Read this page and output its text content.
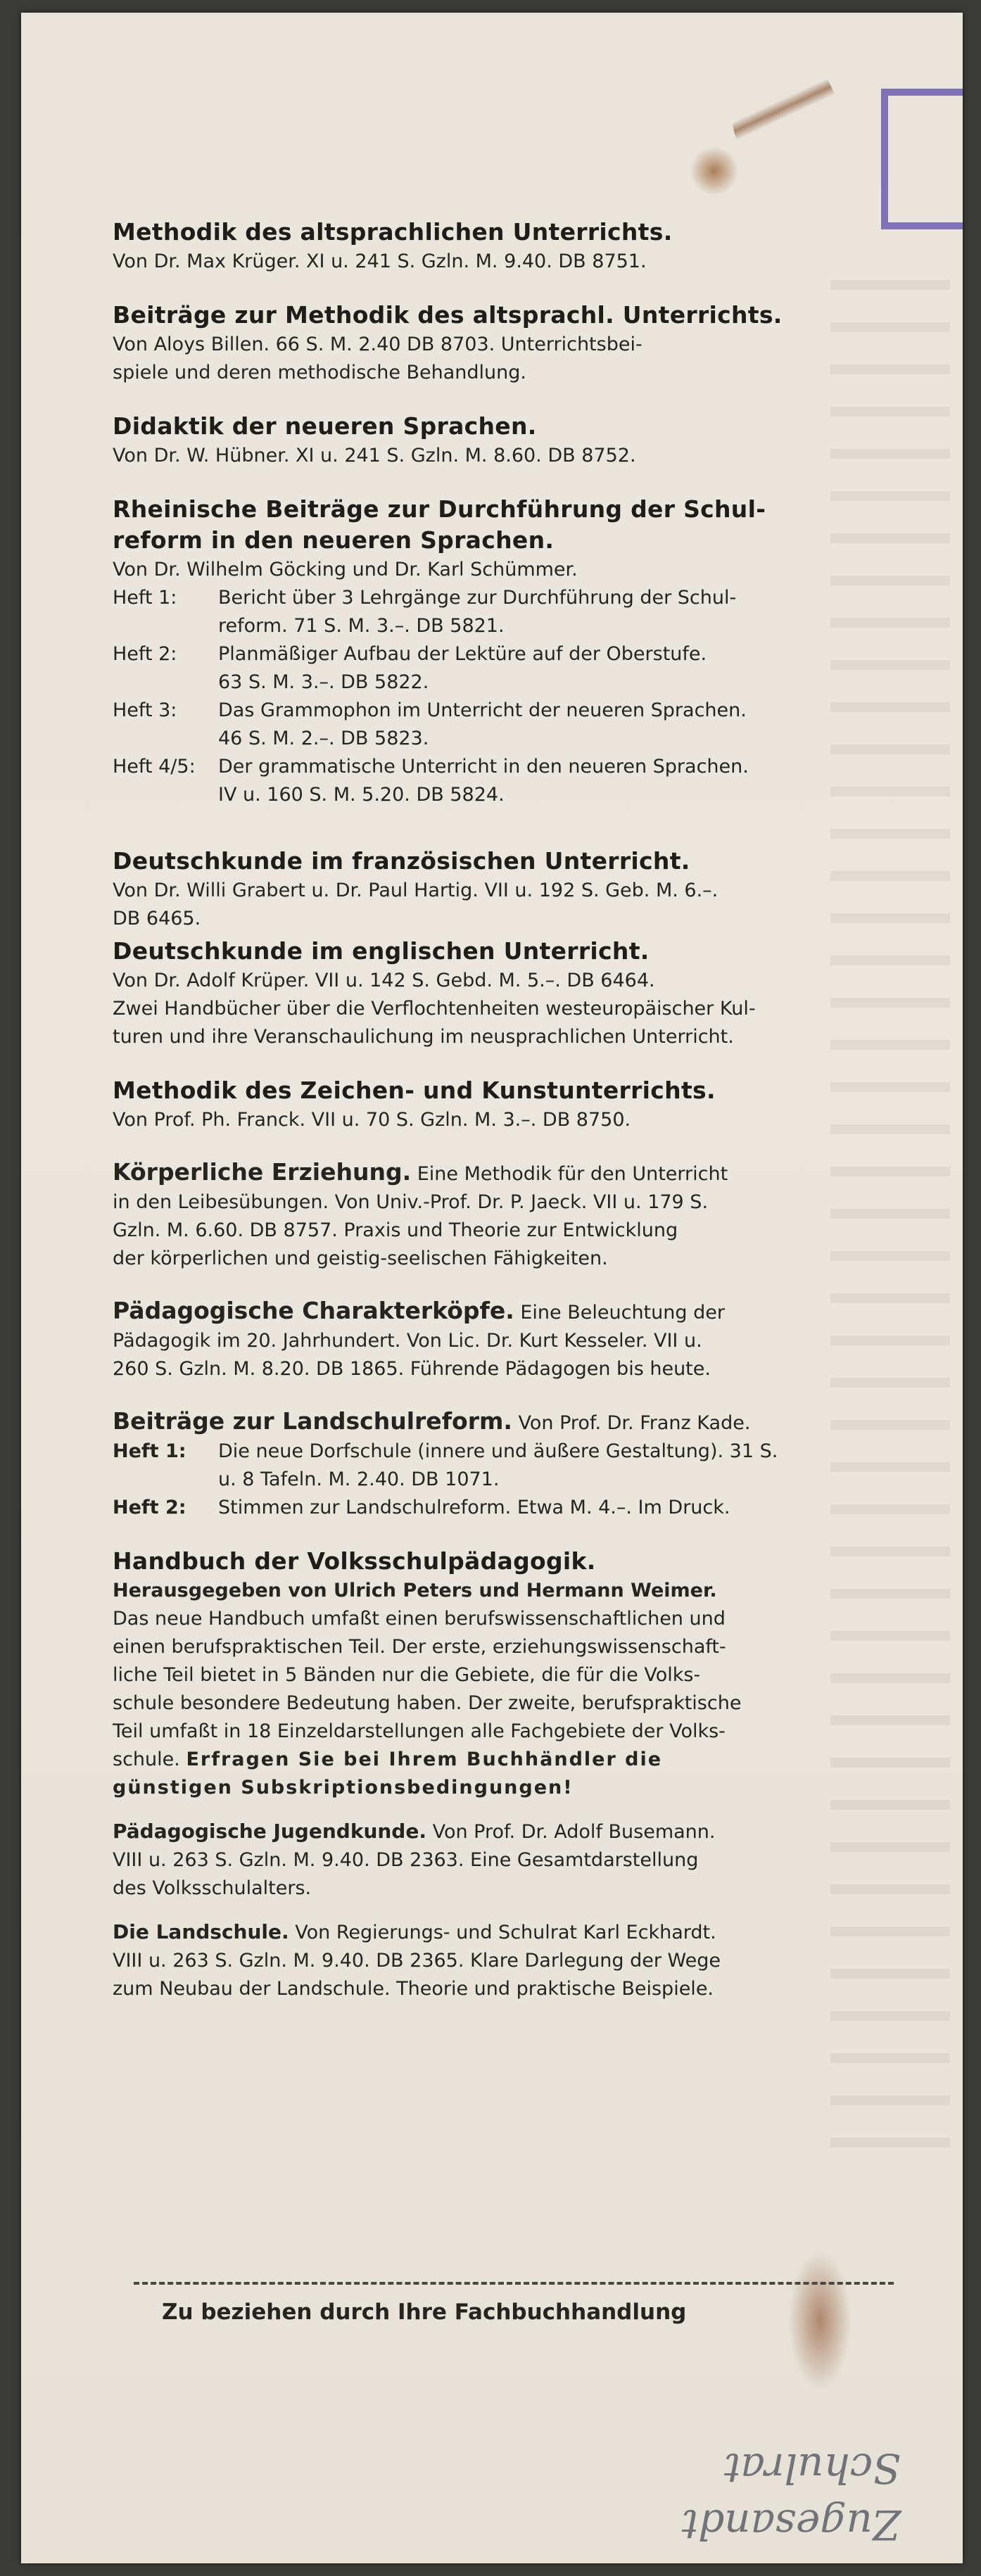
Methodik des altsprachlichen Unterrichts.

Von Dr. Max Krüger. XI u. 241 S. Gzln. M. 9.40. DB 8751.

Beiträge zur Methodik des altsprachl. Unterrichts.

Von Aloys Billen. 66 S. M. 2.40 DB 8703. Unterrichtsbei-

spiele und deren methodische Behandlung.

Didaktik der neueren Sprachen.

Von Dr. W. Hübner. XI u. 241 S. Gzln. M. 8.60. DB 8752.

Rheinische Beiträge zur Durchführung der Schul-
reform in den neueren Sprachen.

Von Dr. Wilhelm Göcking und Dr. Karl Schümmer.

Heft 1:	Bericht über 3 Lehrgänge zur Durchführung der Schul-
reform. 71 S. M. 3.–. DB 5821.
Heft 2:	Planmäßiger Aufbau der Lektüre auf der Oberstufe.
63 S. M. 3.–. DB 5822.
Heft 3:	Das Grammophon im Unterricht der neueren Sprachen.
46 S. M. 2.–. DB 5823.
Heft 4/5:	Der grammatische Unterricht in den neueren Sprachen.
IV u. 160 S. M. 5.20. DB 5824.
Deutschkunde im französischen Unterricht.

Von Dr. Willi Grabert u. Dr. Paul Hartig. VII u. 192 S. Geb. M. 6.–.

DB 6465.

Deutschkunde im englischen Unterricht.

Von Dr. Adolf Krüper. VII u. 142 S. Gebd. M. 5.–. DB 6464.

Zwei Handbücher über die Verflochtenheiten westeuropäischer Kul-

turen und ihre Veranschaulichung im neusprachlichen Unterricht.

Methodik des Zeichen- und Kunstunterrichts.

Von Prof. Ph. Franck. VII u. 70 S. Gzln. M. 3.–. DB 8750.

Körperliche Erziehung. Eine Methodik für den Unterricht

in den Leibesübungen. Von Univ.-Prof. Dr. P. Jaeck. VII u. 179 S.

Gzln. M. 6.60. DB 8757. Praxis und Theorie zur Entwicklung

der körperlichen und geistig-seelischen Fähigkeiten.

Pädagogische Charakterköpfe. Eine Beleuchtung der

Pädagogik im 20. Jahrhundert. Von Lic. Dr. Kurt Kesseler. VII u.

260 S. Gzln. M. 8.20. DB 1865. Führende Pädagogen bis heute.

Beiträge zur Landschulreform. Von Prof. Dr. Franz Kade.

Heft 1:	Die neue Dorfschule (innere und äußere Gestaltung). 31 S.
u. 8 Tafeln. M. 2.40. DB 1071.
Heft 2:	Stimmen zur Landschulreform. Etwa M. 4.–. Im Druck.
Handbuch der Volksschulpädagogik.

Herausgegeben von Ulrich Peters und Hermann Weimer.

Das neue Handbuch umfaßt einen berufswissenschaftlichen und

einen berufspraktischen Teil. Der erste, erziehungswissenschaft-

liche Teil bietet in 5 Bänden nur die Gebiete, die für die Volks-

schule besondere Bedeutung haben. Der zweite, berufspraktische

Teil umfaßt in 18 Einzeldarstellungen alle Fachgebiete der Volks-

schule. Erfragen Sie bei Ihrem Buchhändler die

günstigen Subskriptionsbedingungen!

Pädagogische Jugendkunde. Von Prof. Dr. Adolf Busemann.

VIII u. 263 S. Gzln. M. 9.40. DB 2363. Eine Gesamtdarstellung

des Volksschulalters.

Die Landschule. Von Regierungs- und Schulrat Karl Eckhardt.

VIII u. 263 S. Gzln. M. 9.40. DB 2365. Klare Darlegung der Wege

zum Neubau der Landschule. Theorie und praktische Beispiele.

Zu beziehen durch Ihre Fachbuchhandlung
Zugesandt
Schulrat
